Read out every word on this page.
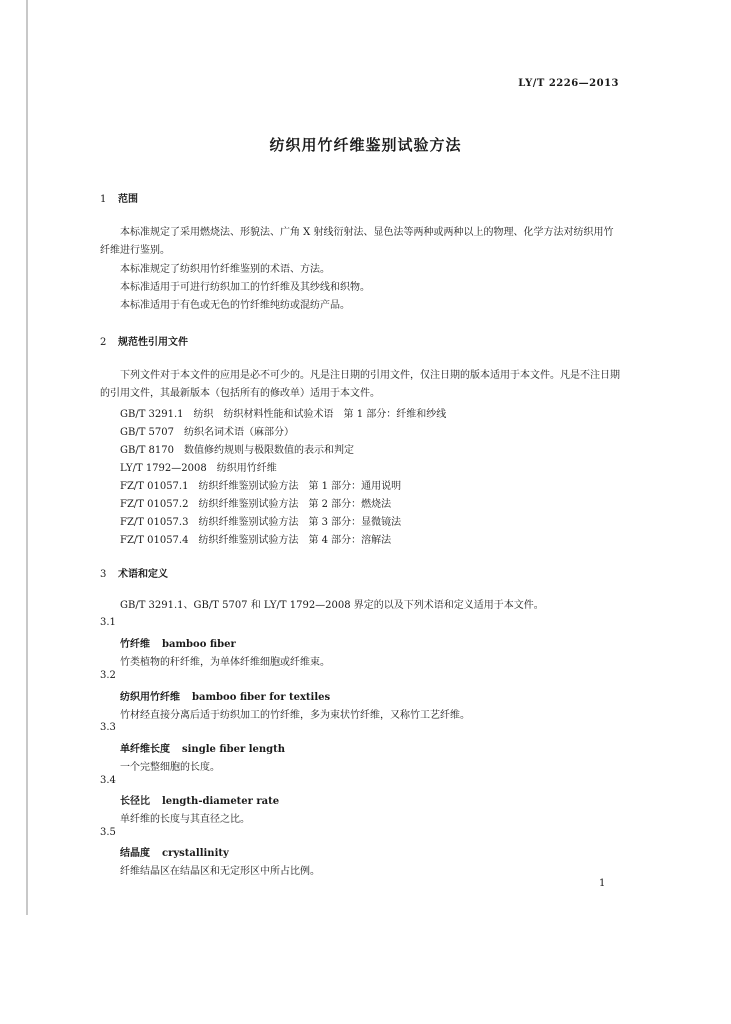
LY/T 2226—2013
纺织用竹纤维鉴别试验方法
1 范围
本标准规定了采用燃烧法、形貌法、广角 X 射线衍射法、显色法等两种或两种以上的物理、化学方法对纺织用竹纤维进行鉴别。
本标准规定了纺织用竹纤维鉴别的术语、方法。
本标准适用于可进行纺织加工的竹纤维及其纱线和织物。
本标准适用于有色或无色的竹纤维纯纺或混纺产品。
2 规范性引用文件
下列文件对于本文件的应用是必不可少的。凡是注日期的引用文件，仅注日期的版本适用于本文件。凡是不注日期的引用文件，其最新版本（包括所有的修改单）适用于本文件。
GB/T 3291.1　纺织　纺织材料性能和试验术语　第 1 部分：纤维和纱线
GB/T 5707　纺织名词术语（麻部分）
GB/T 8170　数值修约规则与极限数值的表示和判定
LY/T 1792—2008　纺织用竹纤维
FZ/T 01057.1　纺织纤维鉴别试验方法　第 1 部分：通用说明
FZ/T 01057.2　纺织纤维鉴别试验方法　第 2 部分：燃烧法
FZ/T 01057.3　纺织纤维鉴别试验方法　第 3 部分：显微镜法
FZ/T 01057.4　纺织纤维鉴别试验方法　第 4 部分：溶解法
3 术语和定义
GB/T 3291.1、GB/T 5707 和 LY/T 1792—2008 界定的以及下列术语和定义适用于本文件。
3.1
竹纤维 bamboo fiber
竹类植物的秆纤维，为单体纤维细胞或纤维束。
3.2
纺织用竹纤维 bamboo fiber for textiles
竹材经直接分离后适于纺织加工的竹纤维，多为束状竹纤维，又称竹工艺纤维。
3.3
单纤维长度 single fiber length
一个完整细胞的长度。
3.4
长径比 length-diameter rate
单纤维的长度与其直径之比。
3.5
结晶度 crystallinity
纤维结晶区在结晶区和无定形区中所占比例。
1
